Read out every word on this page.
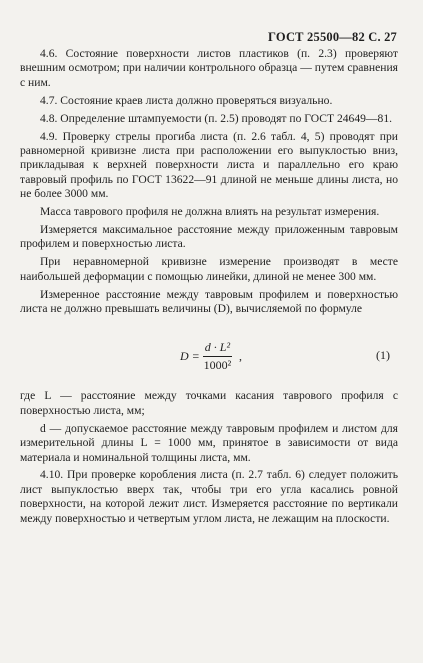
ГОСТ 25500—82 С. 27

4.6. Состояние поверхности листов пластиков (п. 2.3) проверяют внешним осмотром; при наличии контрольного образца — путем сравнения с ним.

4.7. Состояние краев листа должно проверяться визуально.

4.8. Определение штампуемости (п. 2.5) проводят по ГОСТ 24649—81.

4.9. Проверку стрелы прогиба листа (п. 2.6 табл. 4, 5) проводят при равномерной кривизне листа при расположении его выпуклостью вниз, прикладывая к верхней поверхности листа и параллельно его краю тавровый профиль по ГОСТ 13622—91 длиной не меньше длины листа, но не более 3000 мм.

Масса таврового профиля не должна влиять на результат измерения.

Измеряется максимальное расстояние между приложенным тавровым профилем и поверхностью листа.

При неравномерной кривизне измерение производят в месте наибольшей деформации с помощью линейки, длиной не менее 300 мм.

Измеренное расстояние между тавровым профилем и поверхностью листа не должно превышать величины (D), вычисляемой по формуле

$D = \frac{\text{d · L²}}{\text{1000²}}$ ,	(1)

где L — расстояние между точками касания таврового профиля с поверхностью листа, мм;

d — допускаемое расстояние между тавровым профилем и листом для измерительной длины L = 1000 мм, принятое в зависимости от вида материала и номинальной толщины листа, мм.

4.10. При проверке коробления листа (п. 2.7 табл. 6) следует положить лист выпуклостью вверх так, чтобы три его угла касались ровной поверхности, на которой лежит лист. Измеряется расстояние по вертикали между поверхностью и четвертым углом листа, не лежащим на плоскости.
